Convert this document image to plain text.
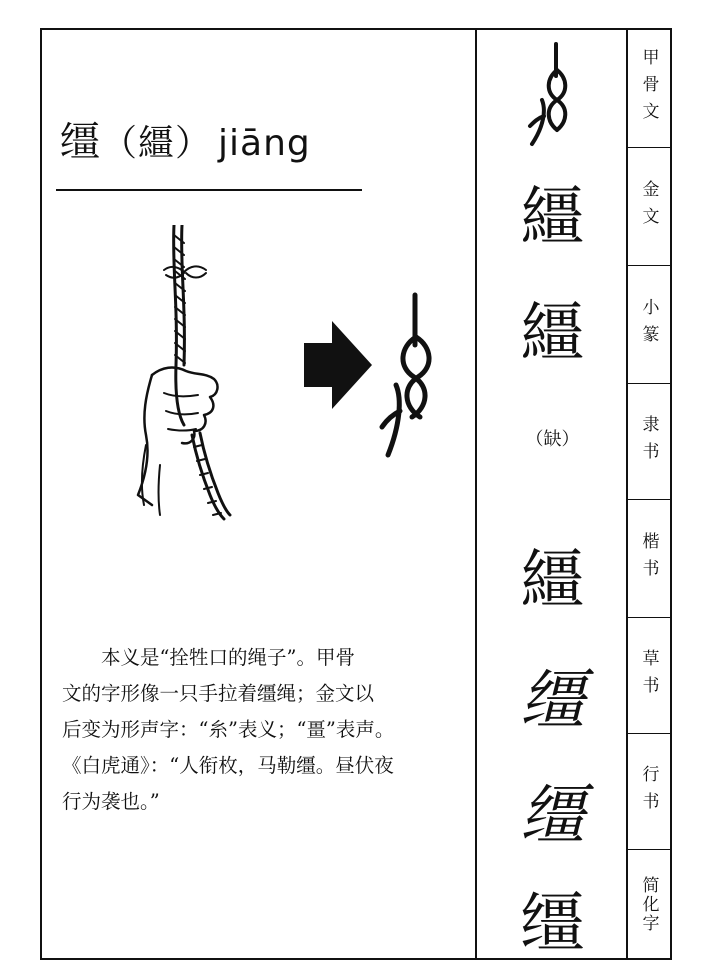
缰（繮） jiāng

本义是“拴牲口的绳子”。甲骨

文的字形像一只手拉着缰绳；金文以

后变为形声字：“糸”表义；“畺”表声。

《白虎通》：“人衔枚，马勒缰。昼伏夜

行为袭也。”

繮
繮
（缺）
繮
缰
缰
缰
甲骨文
金文
小篆
隶书
楷书
草书
行书
简化字
